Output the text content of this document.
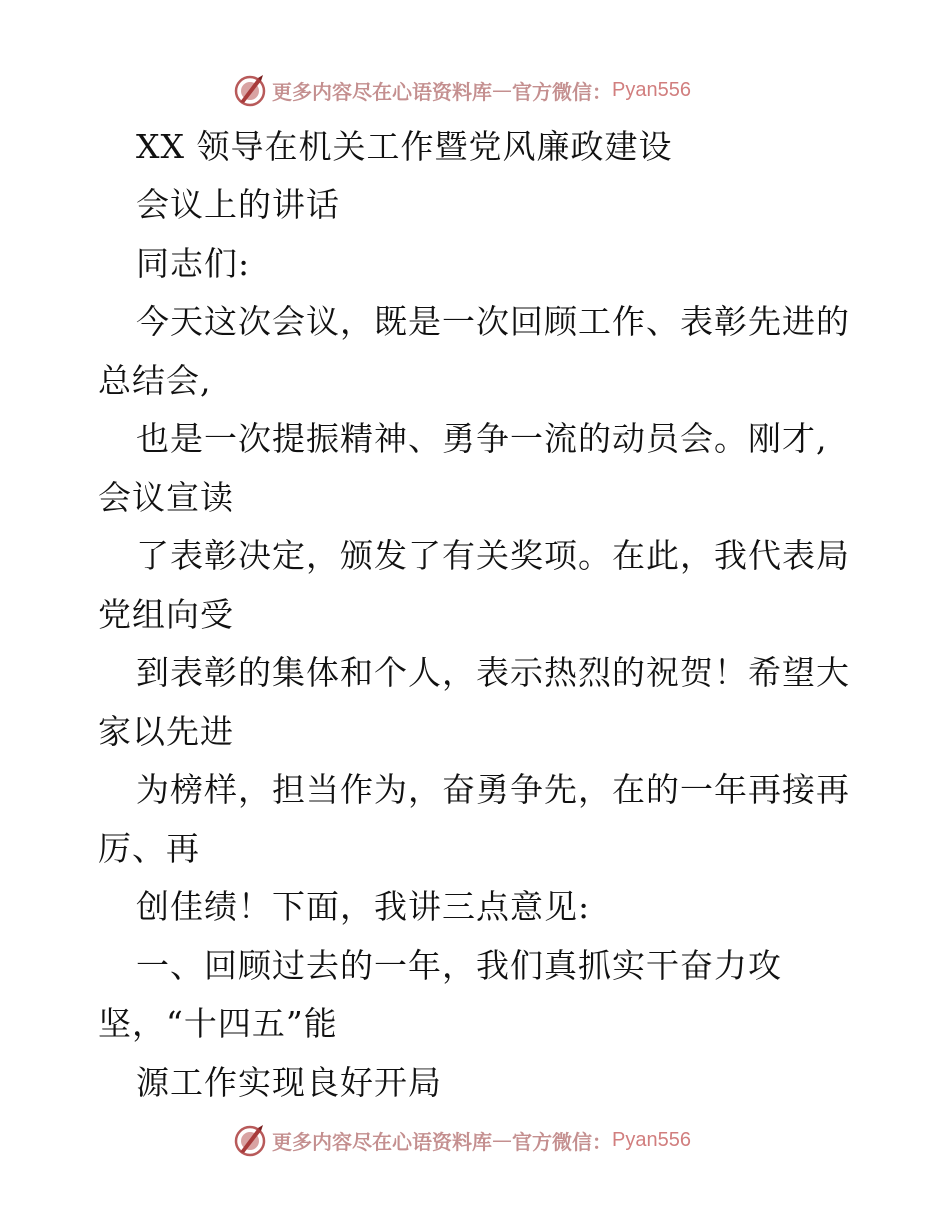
更多内容尽在心语资料库 — 官方微信： Pyan556
XX 领导在机关工作暨党风廉政建设
会议上的讲话
同志们:
今天这次会议，既是一次回顾工作、表彰先进的
总结会,
也是一次提振精神、勇争一流的动员会。刚才,
会议宣读
了表彰决定，颁发了有关奖项。在此，我代表局
党组向受
到表彰的集体和个人，表示热烈的祝贺！希望大
家以先进
为榜样，担当作为，奋勇争先，在的一年再接再
厉、再
创佳绩！下面，我讲三点意见:
一、回顾过去的一年，我们真抓实干奋力攻
坚，“十四五”能
源工作实现良好开局
更多内容尽在心语资料库 — 官方微信： Pyan556
